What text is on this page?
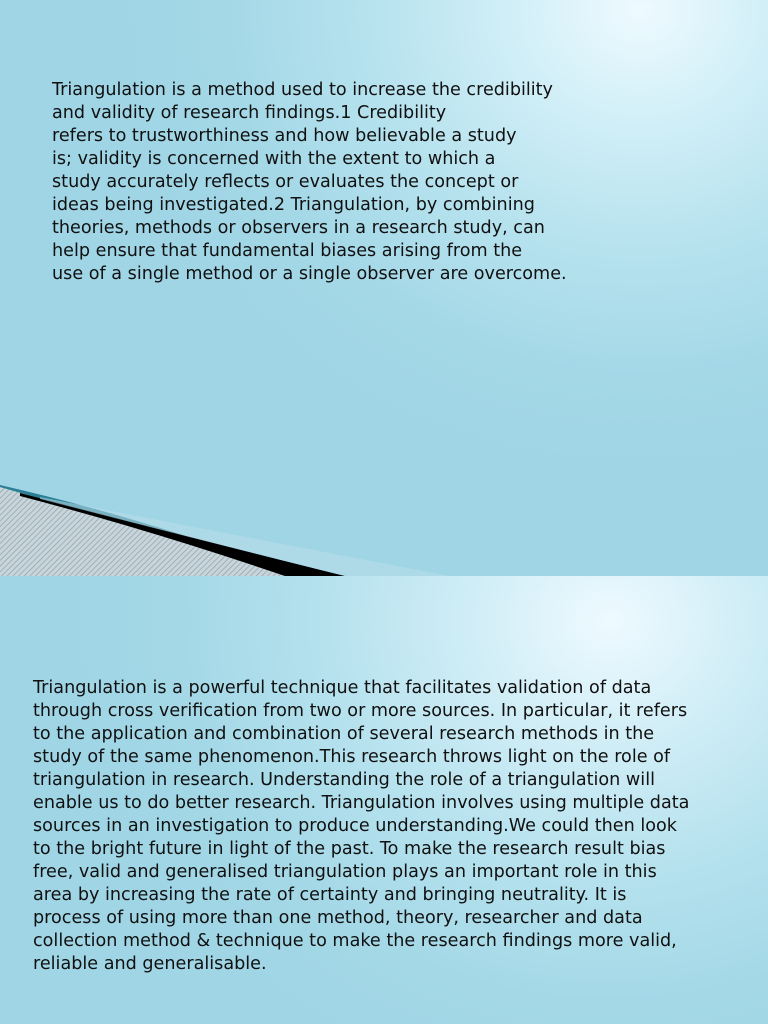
Triangulation is a method used to increase the credibility
and validity of research findings.1 Credibility
refers to trustworthiness and how believable a study
is; validity is concerned with the extent to which a
study accurately reflects or evaluates the concept or
ideas being investigated.2 Triangulation, by combining
theories, methods or observers in a research study, can
help ensure that fundamental biases arising from the
use of a single method or a single observer are overcome.

Triangulation is a powerful technique that facilitates validation of data
through cross verification from two or more sources. In particular, it refers
to the application and combination of several research methods in the
study of the same phenomenon.This research throws light on the role of
triangulation in research. Understanding the role of a triangulation will
enable us to do better research. Triangulation involves using multiple data
sources in an investigation to produce understanding.We could then look
to the bright future in light of the past. To make the research result bias
free, valid and generalised triangulation plays an important role in this
area by increasing the rate of certainty and bringing neutrality. It is
process of using more than one method, theory, researcher and data
collection method & technique to make the research findings more valid,
reliable and generalisable.
